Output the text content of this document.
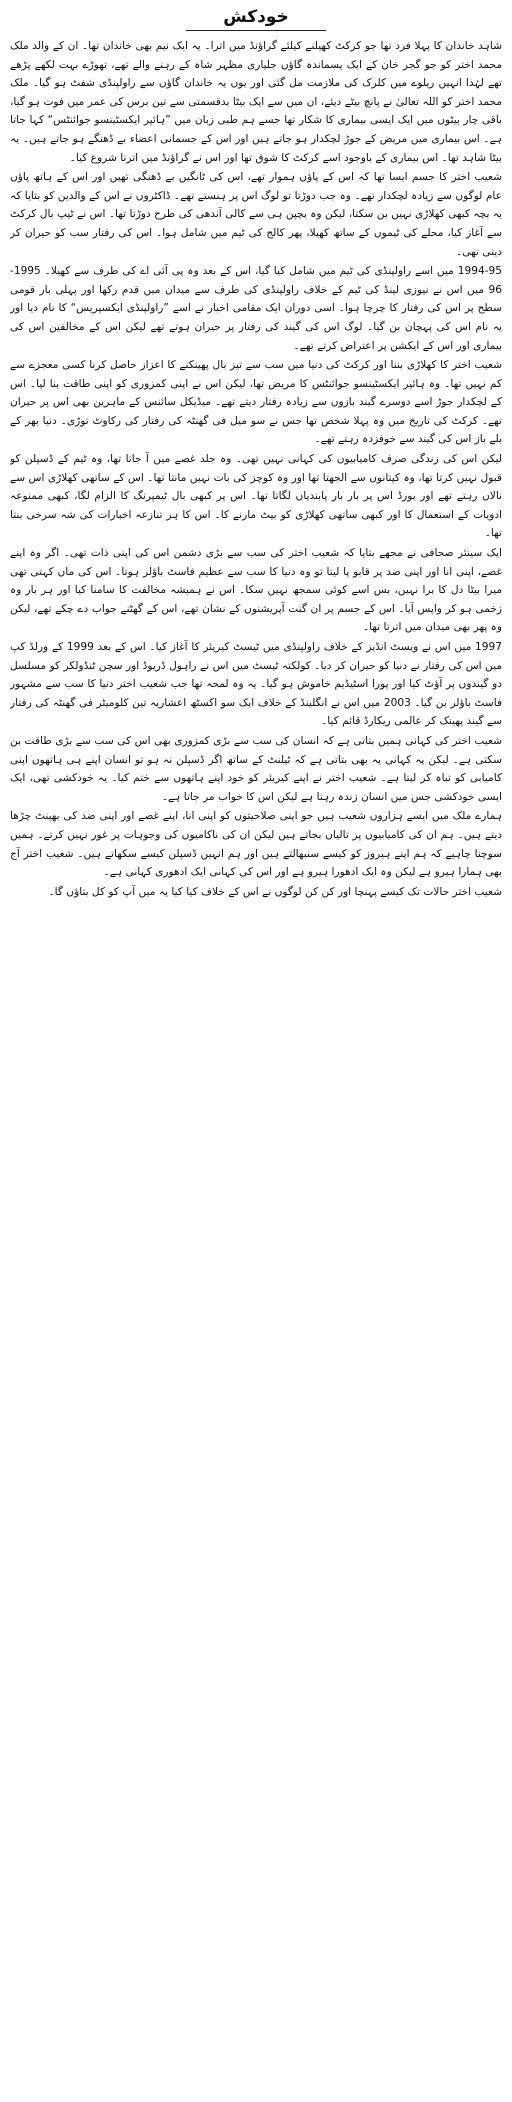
خودکش

شاہد خاندان کا پہلا فرد تھا جو کرکٹ کھیلنے کیلئے گراؤنڈ میں اترا۔ یہ ایک نیم بھی خاندان تھا۔ ان کے والد ملک محمد اختر کو جو گجر خان کے ایک پسماندہ گاؤں جلیاری مظہر شاہ کے رہنے والے تھے، تھوڑے بہت لکھے پڑھے تھے لہٰذا انہیں ریلوے میں کلرک کی ملازمت مل گئی اور یوں یہ خاندان گاؤں سے راولپنڈی شفٹ ہو گیا۔ ملک محمد اختر کو اللہ تعالیٰ نے پانچ بیٹے دیئے، ان میں سے ایک بیٹا بدقسمتی سے تین برس کی عمر میں فوت ہو گیا، باقی چار بیٹوں میں ایک ایسی بیماری کا شکار تھا جسے ہم طبی زبان میں ”ہائپر ایکسٹینسو جوائنٹس“ کہا جاتا ہے۔ اس بیماری میں مریض کے جوڑ لچکدار ہو جاتے ہیں اور اس کے جسمانی اعضاء بے ڈھنگے ہو جاتے ہیں۔ یہ بیٹا شاہد تھا۔ اس بیماری کے باوجود اسے کرکٹ کا شوق تھا اور اس نے گراؤنڈ میں اترنا شروع کیا۔

شعیب اختر کا جسم ایسا تھا کہ اس کے پاؤں ہموار تھے، اس کی ٹانگیں بے ڈھنگی تھیں اور اس کے ہاتھ پاؤں عام لوگوں سے زیادہ لچکدار تھے۔ وہ جب دوڑتا تو لوگ اس پر ہنستے تھے۔ ڈاکٹروں نے اس کے والدین کو بتایا کہ یہ بچہ کبھی کھلاڑی نہیں بن سکتا، لیکن وہ بچپن ہی سے کالی آندھی کی طرح دوڑتا تھا۔ اس نے ٹیپ بال کرکٹ سے آغاز کیا، محلے کی ٹیموں کے ساتھ کھیلا، پھر کالج کی ٹیم میں شامل ہوا۔ اس کی رفتار سب کو حیران کر دیتی تھی۔

1994-95 میں اسے راولپنڈی کی ٹیم میں شامل کیا گیا، اس کے بعد وہ پی آئی اے کی طرف سے کھیلا۔ 1995-96 میں اس نے نیوزی لینڈ کی ٹیم کے خلاف راولپنڈی کی طرف سے میدان میں قدم رکھا اور پہلی بار قومی سطح پر اس کی رفتار کا چرچا ہوا۔ اسی دوران ایک مقامی اخبار نے اسے ”راولپنڈی ایکسپریس“ کا نام دیا اور یہ نام اس کی پہچان بن گیا۔ لوگ اس کی گیند کی رفتار پر حیران ہوتے تھے لیکن اس کے مخالفین اس کی بیماری اور اس کے ایکشن پر اعتراض کرتے تھے۔

شعیب اختر کا کھلاڑی بننا اور کرکٹ کی دنیا میں سب سے تیز بال پھینکنے کا اعزاز حاصل کرنا کسی معجزے سے کم نہیں تھا۔ وہ ہائپر ایکسٹینسو جوائنٹس کا مریض تھا، لیکن اس نے اپنی کمزوری کو اپنی طاقت بنا لیا۔ اس کے لچکدار جوڑ اسے دوسرے گیند بازوں سے زیادہ رفتار دیتے تھے۔ میڈیکل سائنس کے ماہرین بھی اس پر حیران تھے۔ کرکٹ کی تاریخ میں وہ پہلا شخص تھا جس نے سو میل فی گھنٹہ کی رفتار کی رکاوٹ توڑی۔ دنیا بھر کے بلے باز اس کی گیند سے خوفزدہ رہتے تھے۔

لیکن اس کی زندگی صرف کامیابیوں کی کہانی نہیں تھی۔ وہ جلد غصے میں آ جاتا تھا، وہ ٹیم کے ڈسپلن کو قبول نہیں کرتا تھا، وہ کپتانوں سے الجھتا تھا اور وہ کوچز کی بات نہیں مانتا تھا۔ اس کے ساتھی کھلاڑی اس سے نالاں رہتے تھے اور بورڈ اس پر بار بار پابندیاں لگاتا تھا۔ اس پر کبھی بال ٹیمپرنگ کا الزام لگا، کبھی ممنوعہ ادویات کے استعمال کا اور کبھی ساتھی کھلاڑی کو بیٹ مارنے کا۔ اس کا ہر تنازعہ اخبارات کی شہ سرخی بنتا تھا۔

ایک سینئر صحافی نے مجھے بتایا کہ شعیب اختر کی سب سے بڑی دشمن اس کی اپنی ذات تھی۔ اگر وہ اپنے غصے، اپنی انا اور اپنی ضد پر قابو پا لیتا تو وہ دنیا کا سب سے عظیم فاسٹ باؤلر ہوتا۔ اس کی ماں کہتی تھی میرا بیٹا دل کا برا نہیں، بس اسے کوئی سمجھ نہیں سکا۔ اس نے ہمیشہ مخالفت کا سامنا کیا اور ہر بار وہ زخمی ہو کر واپس آیا۔ اس کے جسم پر ان گنت آپریشنوں کے نشان تھے، اس کے گھٹنے جواب دے چکے تھے، لیکن وہ پھر بھی میدان میں اترتا تھا۔

1997 میں اس نے ویسٹ انڈیز کے خلاف راولپنڈی میں ٹیسٹ کیریئر کا آغاز کیا۔ اس کے بعد 1999 کے ورلڈ کپ میں اس کی رفتار نے دنیا کو حیران کر دیا۔ کولکتہ ٹیسٹ میں اس نے راہول ڈریوڈ اور سچن ٹنڈولکر کو مسلسل دو گیندوں پر آؤٹ کیا اور پورا اسٹیڈیم خاموش ہو گیا۔ یہ وہ لمحہ تھا جب شعیب اختر دنیا کا سب سے مشہور فاسٹ باؤلر بن گیا۔ 2003 میں اس نے انگلینڈ کے خلاف ایک سو اکسٹھ اعشاریہ تین کلومیٹر فی گھنٹہ کی رفتار سے گیند پھینک کر عالمی ریکارڈ قائم کیا۔

شعیب اختر کی کہانی ہمیں بتاتی ہے کہ انسان کی سب سے بڑی کمزوری بھی اس کی سب سے بڑی طاقت بن سکتی ہے۔ لیکن یہ کہانی یہ بھی بتاتی ہے کہ ٹیلنٹ کے ساتھ اگر ڈسپلن نہ ہو تو انسان اپنے ہی ہاتھوں اپنی کامیابی کو تباہ کر لیتا ہے۔ شعیب اختر نے اپنے کیریئر کو خود اپنے ہاتھوں سے ختم کیا۔ یہ خودکشی تھی، ایک ایسی خودکشی جس میں انسان زندہ رہتا ہے لیکن اس کا خواب مر جاتا ہے۔

ہمارے ملک میں ایسے ہزاروں شعیب ہیں جو اپنی صلاحیتوں کو اپنی انا، اپنے غصے اور اپنی ضد کی بھینٹ چڑھا دیتے ہیں۔ ہم ان کی کامیابیوں پر تالیاں بجاتے ہیں لیکن ان کی ناکامیوں کی وجوہات پر غور نہیں کرتے۔ ہمیں سوچنا چاہیے کہ ہم اپنے ہیروز کو کیسے سنبھالتے ہیں اور ہم انہیں ڈسپلن کیسے سکھاتے ہیں۔ شعیب اختر آج بھی ہمارا ہیرو ہے لیکن وہ ایک ادھورا ہیرو ہے اور اس کی کہانی ایک ادھوری کہانی ہے۔

شعیب اختر حالات تک کیسے پہنچا اور کن کن لوگوں نے اس کے خلاف کیا کیا یہ میں آپ کو کل بتاؤں گا۔
